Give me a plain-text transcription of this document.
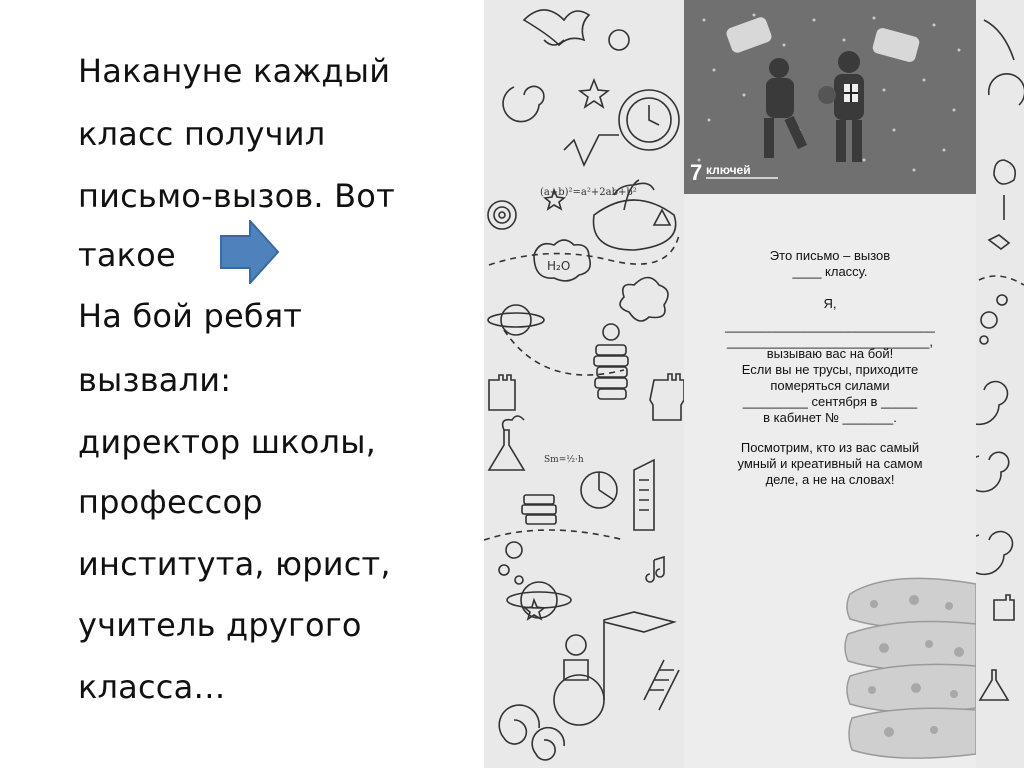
Накануне каждый
класс получил
письмо-вызов. Вот
такое
На бой ребят
вызвали:
директор школы,
профессор
института, юрист,
учитель другого
класса…
(a+b)²=a²+2ab+b²
H₂O
Sm=½·h
7 ключей
Это письмо – вызов
____ классу.
Я,
_____________________________
____________________________,
вызываю вас на бой!
Если вы не трусы, приходите
померяться силами
_________ сентября в _____
в кабинет № _______.
Посмотрим, кто из вас самый
умный и креативный на самом
деле, а не на словах!
